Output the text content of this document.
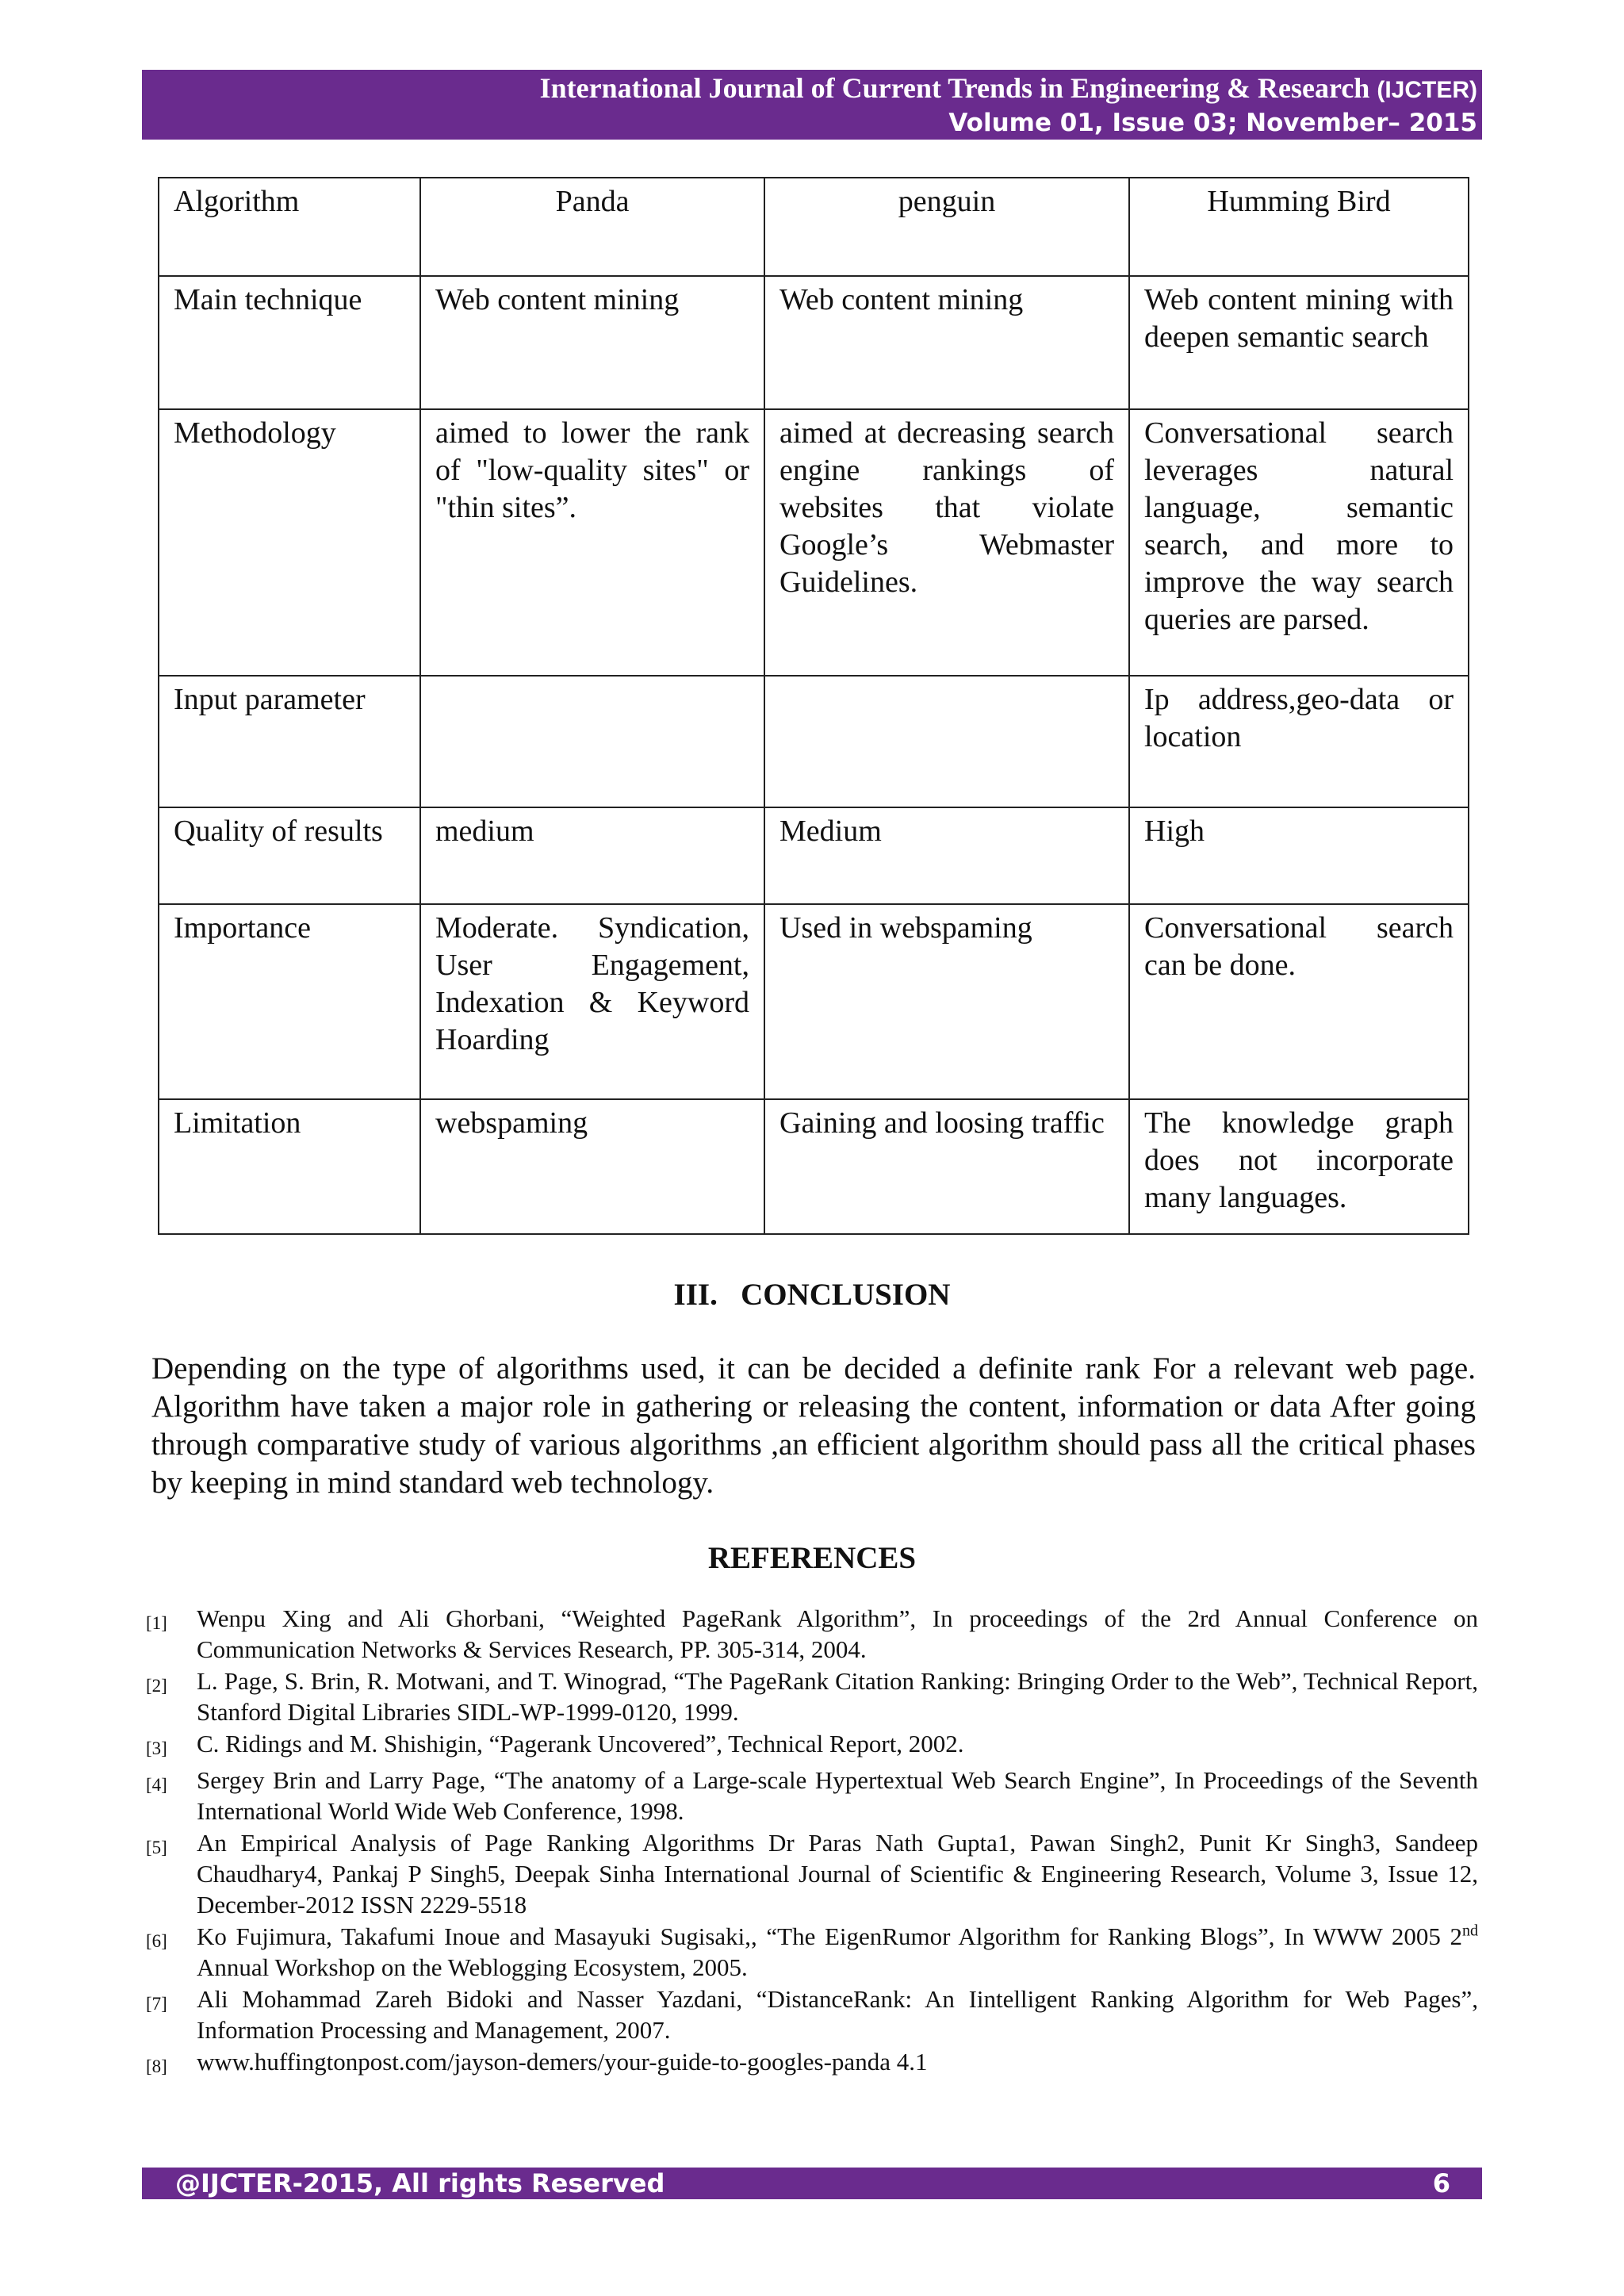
International Journal of Current Trends in Engineering & Research (IJCTER)
Volume 01, Issue 03; November– 2015
Algorithm	Panda	penguin	Humming Bird
Main technique	Web content mining	Web content mining	Web content mining with deepen semantic search
Methodology	aimed to lower the rank of "low-quality sites" or "thin sites”.	aimed at decreasing search engine rankings of websites that violate Google’s Webmaster Guidelines.	Conversational search leverages natural language, semantic search, and more to improve the way search queries are parsed.
Input parameter			Ip address,geo-data or location
Quality of results	medium	Medium	High
Importance	Moderate. Syndication, User Engagement, Indexation & Keyword Hoarding	Used in webspaming	Conversational search can be done.
Limitation	webspaming	Gaining and loosing traffic	The knowledge graph does not incorporate many languages.
III.   CONCLUSION
Depending on the type of algorithms used, it can be decided a definite rank For a relevant web page. Algorithm have taken a major role in gathering or releasing the content, information or data After going through comparative study of various algorithms ,an efficient algorithm should pass all the critical phases by keeping in mind standard web technology.
REFERENCES
[1]	Wenpu Xing and Ali Ghorbani, “Weighted PageRank Algorithm”, In proceedings of the 2rd Annual Conference on Communication Networks & Services Research, PP. 305-314, 2004.
[2]	L. Page, S. Brin, R. Motwani, and T. Winograd, “The PageRank Citation Ranking: Bringing Order to the Web”, Technical Report, Stanford Digital Libraries SIDL-WP-1999-0120, 1999.
[3]	C. Ridings and M. Shishigin, “Pagerank Uncovered”, Technical Report, 2002.
[4]	Sergey Brin and Larry Page, “The anatomy of a Large-scale Hypertextual Web Search Engine”, In Proceedings of the Seventh International World Wide Web Conference, 1998.
[5]	An Empirical Analysis of Page Ranking Algorithms Dr Paras Nath Gupta1, Pawan Singh2, Punit Kr Singh3, Sandeep Chaudhary4, Pankaj P Singh5, Deepak Sinha International Journal of Scientific & Engineering Research, Volume 3, Issue 12, December-2012 ISSN 2229-5518
[6]	Ko Fujimura, Takafumi Inoue and Masayuki Sugisaki,, “The EigenRumor Algorithm for Ranking Blogs”, In WWW 2005 2nd Annual Workshop on the Weblogging Ecosystem, 2005.
[7]	Ali Mohammad Zareh Bidoki and Nasser Yazdani, “DistanceRank: An Iintelligent Ranking Algorithm for Web Pages”, Information Processing and Management, 2007.
[8]	www.huffingtonpost.com/jayson-demers/your-guide-to-googles-panda 4.1
@IJCTER-2015, All rights Reserved	6
